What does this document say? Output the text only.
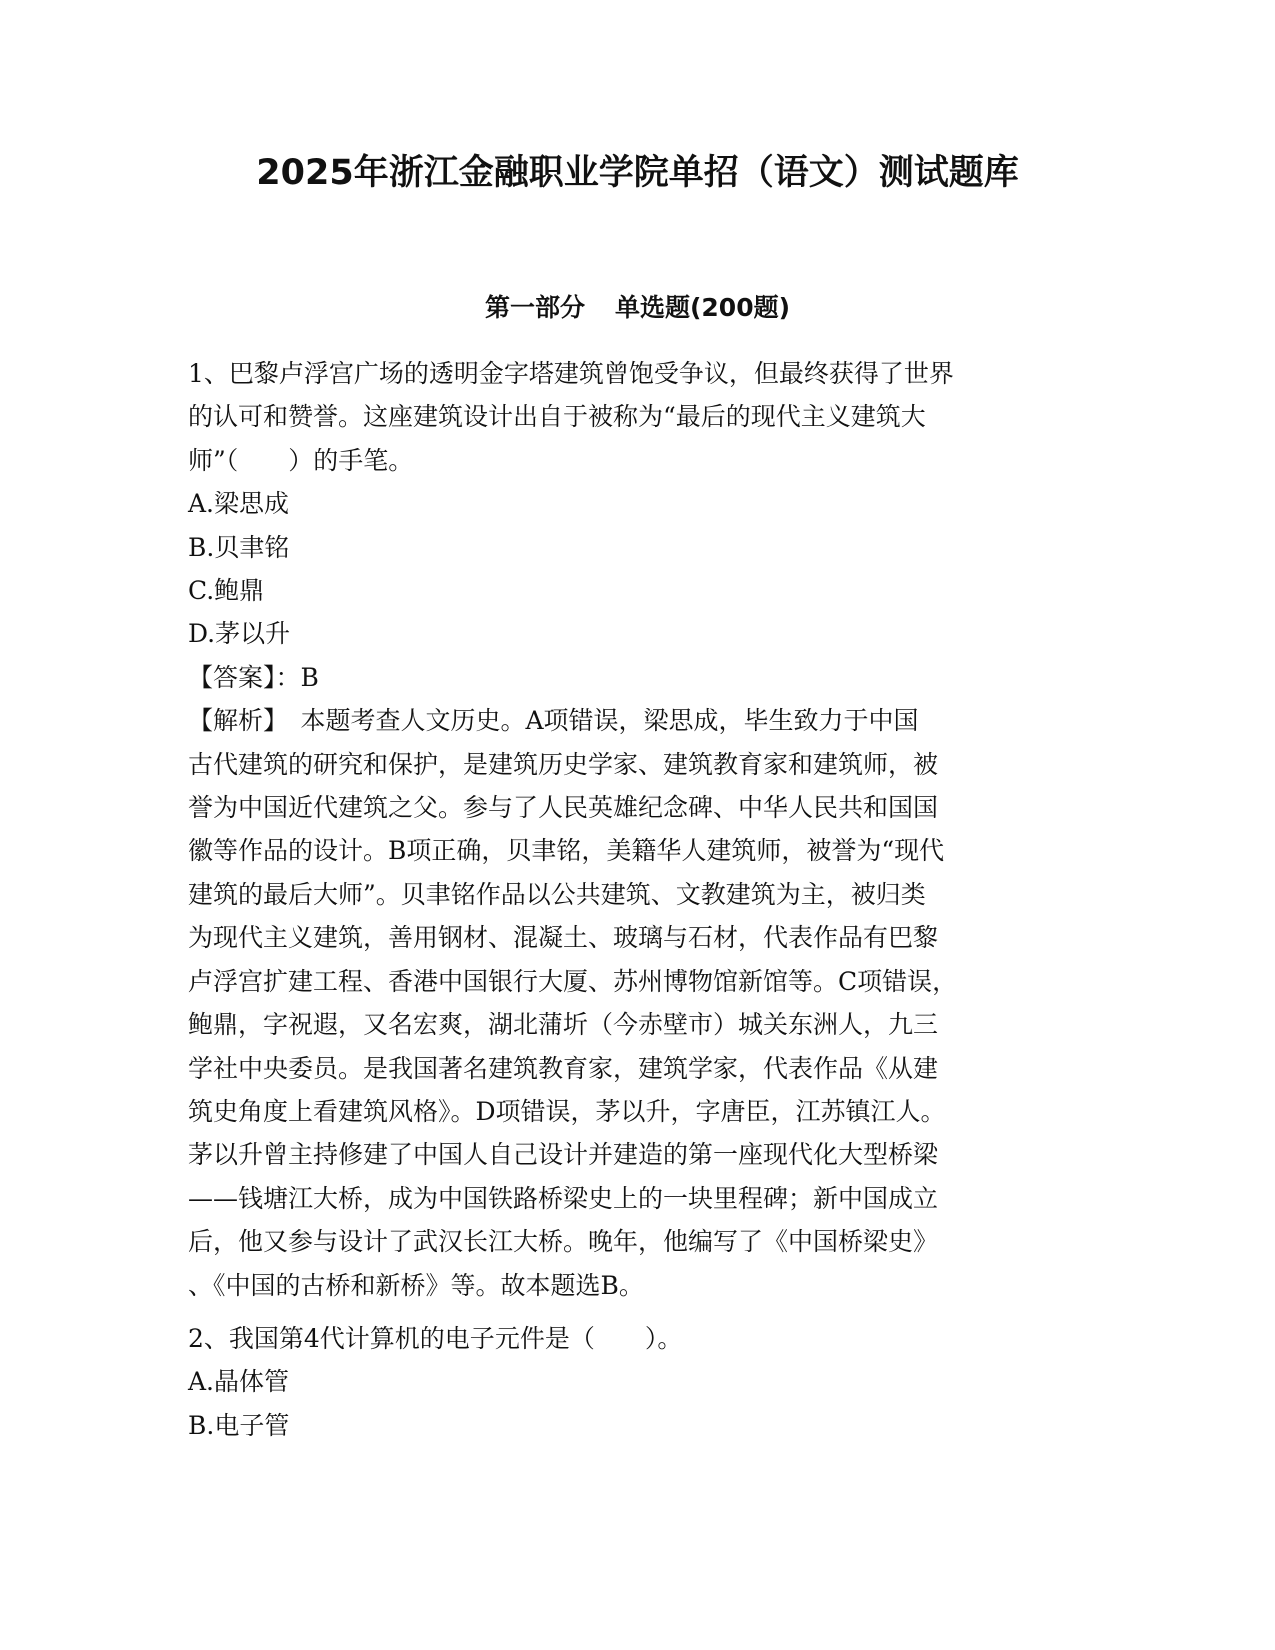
2025年浙江金融职业学院单招（语文）测试题库
第一部分 单选题(200题)

1、巴黎卢浮宫广场的透明金字塔建筑曾饱受争议，但最终获得了世界

的认可和赞誉。这座建筑设计出自于被称为“最后的现代主义建筑大

师”（　　）的手笔。

A.梁思成

B.贝聿铭

C.鲍鼎

D.茅以升

【答案】：B

【解析】　本题考查人文历史。A项错误，梁思成，毕生致力于中国

古代建筑的研究和保护，是建筑历史学家、建筑教育家和建筑师，被

誉为中国近代建筑之父。参与了人民英雄纪念碑、中华人民共和国国

徽等作品的设计。B项正确，贝聿铭，美籍华人建筑师，被誉为“现代

建筑的最后大师”。贝聿铭作品以公共建筑、文教建筑为主，被归类

为现代主义建筑，善用钢材、混凝土、玻璃与石材，代表作品有巴黎

卢浮宫扩建工程、香港中国银行大厦、苏州博物馆新馆等。C项错误，

鲍鼎，字祝遐，又名宏爽，湖北蒲圻（今赤壁市）城关东洲人，九三

学社中央委员。是我国著名建筑教育家，建筑学家，代表作品《从建

筑史角度上看建筑风格》。D项错误，茅以升，字唐臣，江苏镇江人。

茅以升曾主持修建了中国人自己设计并建造的第一座现代化大型桥梁

——钱塘江大桥，成为中国铁路桥梁史上的一块里程碑；新中国成立

后，他又参与设计了武汉长江大桥。晚年，他编写了《中国桥梁史》

、《中国的古桥和新桥》等。故本题选B。

2、我国第4代计算机的电子元件是（　　）。

A.晶体管

B.电子管
